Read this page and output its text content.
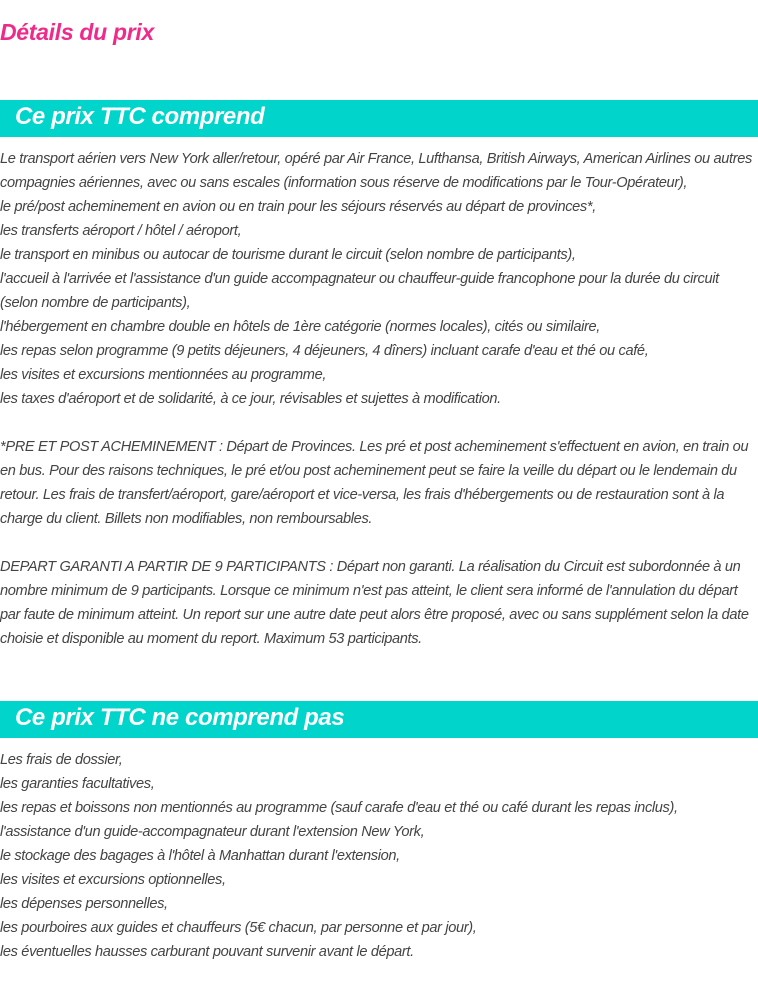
Détails du prix
Ce prix TTC comprend

Le transport aérien vers New York aller/retour, opéré par Air France, Lufthansa, British Airways, American Airlines ou autres compagnies aériennes, avec ou sans escales (information sous réserve de modifications par le Tour-Opérateur),

le pré/post acheminement en avion ou en train pour les séjours réservés au départ de provinces*,

les transferts aéroport / hôtel / aéroport,

le transport en minibus ou autocar de tourisme durant le circuit (selon nombre de participants),

l'accueil à l'arrivée et l'assistance d'un guide accompagnateur ou chauffeur-guide francophone pour la durée du circuit (selon nombre de participants),

l'hébergement en chambre double en hôtels de 1ère catégorie (normes locales), cités ou similaire,

les repas selon programme (9 petits déjeuners, 4 déjeuners, 4 dîners) incluant carafe d'eau et thé ou café,

les visites et excursions mentionnées au programme,

les taxes d'aéroport et de solidarité, à ce jour, révisables et sujettes à modification.

*PRE ET POST ACHEMINEMENT : Départ de Provinces. Les pré et post acheminement s'effectuent en avion, en train ou en bus. Pour des raisons techniques, le pré et/ou post acheminement peut se faire la veille du départ ou le lendemain du retour. Les frais de transfert/aéroport, gare/aéroport et vice-versa, les frais d'hébergements ou de restauration sont à la charge du client. Billets non modifiables, non remboursables.

DEPART GARANTI A PARTIR DE 9 PARTICIPANTS : Départ non garanti. La réalisation du Circuit est subordonnée à un nombre minimum de 9 participants. Lorsque ce minimum n'est pas atteint, le client sera informé de l'annulation du départ par faute de minimum atteint. Un report sur une autre date peut alors être proposé, avec ou sans supplément selon la date choisie et disponible au moment du report. Maximum 53 participants.

Ce prix TTC ne comprend pas

Les frais de dossier,

les garanties facultatives,

les repas et boissons non mentionnés au programme (sauf carafe d'eau et thé ou café durant les repas inclus),

l'assistance d'un guide-accompagnateur durant l'extension New York,

le stockage des bagages à l'hôtel à Manhattan durant l'extension,

les visites et excursions optionnelles,

les dépenses personnelles,

les pourboires aux guides et chauffeurs (5€ chacun, par personne et par jour),

les éventuelles hausses carburant pouvant survenir avant le départ.
